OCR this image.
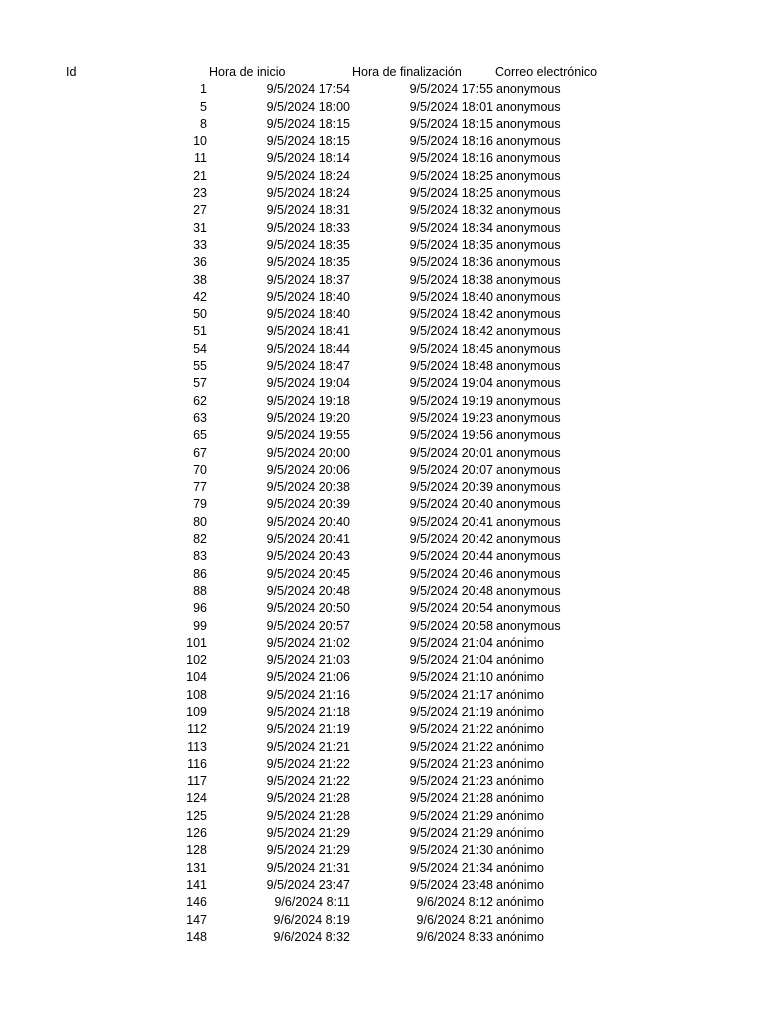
Id	Hora de inicio	Hora de finalización	Correo electrónico
1	9/5/2024 17:54	9/5/2024 17:55 anonymous
5	9/5/2024 18:00	9/5/2024 18:01 anonymous
8	9/5/2024 18:15	9/5/2024 18:15 anonymous
10	9/5/2024 18:15	9/5/2024 18:16 anonymous
11	9/5/2024 18:14	9/5/2024 18:16 anonymous
21	9/5/2024 18:24	9/5/2024 18:25 anonymous
23	9/5/2024 18:24	9/5/2024 18:25 anonymous
27	9/5/2024 18:31	9/5/2024 18:32 anonymous
31	9/5/2024 18:33	9/5/2024 18:34 anonymous
33	9/5/2024 18:35	9/5/2024 18:35 anonymous
36	9/5/2024 18:35	9/5/2024 18:36 anonymous
38	9/5/2024 18:37	9/5/2024 18:38 anonymous
42	9/5/2024 18:40	9/5/2024 18:40 anonymous
50	9/5/2024 18:40	9/5/2024 18:42 anonymous
51	9/5/2024 18:41	9/5/2024 18:42 anonymous
54	9/5/2024 18:44	9/5/2024 18:45 anonymous
55	9/5/2024 18:47	9/5/2024 18:48 anonymous
57	9/5/2024 19:04	9/5/2024 19:04 anonymous
62	9/5/2024 19:18	9/5/2024 19:19 anonymous
63	9/5/2024 19:20	9/5/2024 19:23 anonymous
65	9/5/2024 19:55	9/5/2024 19:56 anonymous
67	9/5/2024 20:00	9/5/2024 20:01 anonymous
70	9/5/2024 20:06	9/5/2024 20:07 anonymous
77	9/5/2024 20:38	9/5/2024 20:39 anonymous
79	9/5/2024 20:39	9/5/2024 20:40 anonymous
80	9/5/2024 20:40	9/5/2024 20:41 anonymous
82	9/5/2024 20:41	9/5/2024 20:42 anonymous
83	9/5/2024 20:43	9/5/2024 20:44 anonymous
86	9/5/2024 20:45	9/5/2024 20:46 anonymous
88	9/5/2024 20:48	9/5/2024 20:48 anonymous
96	9/5/2024 20:50	9/5/2024 20:54 anonymous
99	9/5/2024 20:57	9/5/2024 20:58 anonymous
101	9/5/2024 21:02	9/5/2024 21:04 anónimo
102	9/5/2024 21:03	9/5/2024 21:04 anónimo
104	9/5/2024 21:06	9/5/2024 21:10 anónimo
108	9/5/2024 21:16	9/5/2024 21:17 anónimo
109	9/5/2024 21:18	9/5/2024 21:19 anónimo
112	9/5/2024 21:19	9/5/2024 21:22 anónimo
113	9/5/2024 21:21	9/5/2024 21:22 anónimo
116	9/5/2024 21:22	9/5/2024 21:23 anónimo
117	9/5/2024 21:22	9/5/2024 21:23 anónimo
124	9/5/2024 21:28	9/5/2024 21:28 anónimo
125	9/5/2024 21:28	9/5/2024 21:29 anónimo
126	9/5/2024 21:29	9/5/2024 21:29 anónimo
128	9/5/2024 21:29	9/5/2024 21:30 anónimo
131	9/5/2024 21:31	9/5/2024 21:34 anónimo
141	9/5/2024 23:47	9/5/2024 23:48 anónimo
146	9/6/2024 8:11	9/6/2024 8:12 anónimo
147	9/6/2024 8:19	9/6/2024 8:21 anónimo
148	9/6/2024 8:32	9/6/2024 8:33 anónimo
